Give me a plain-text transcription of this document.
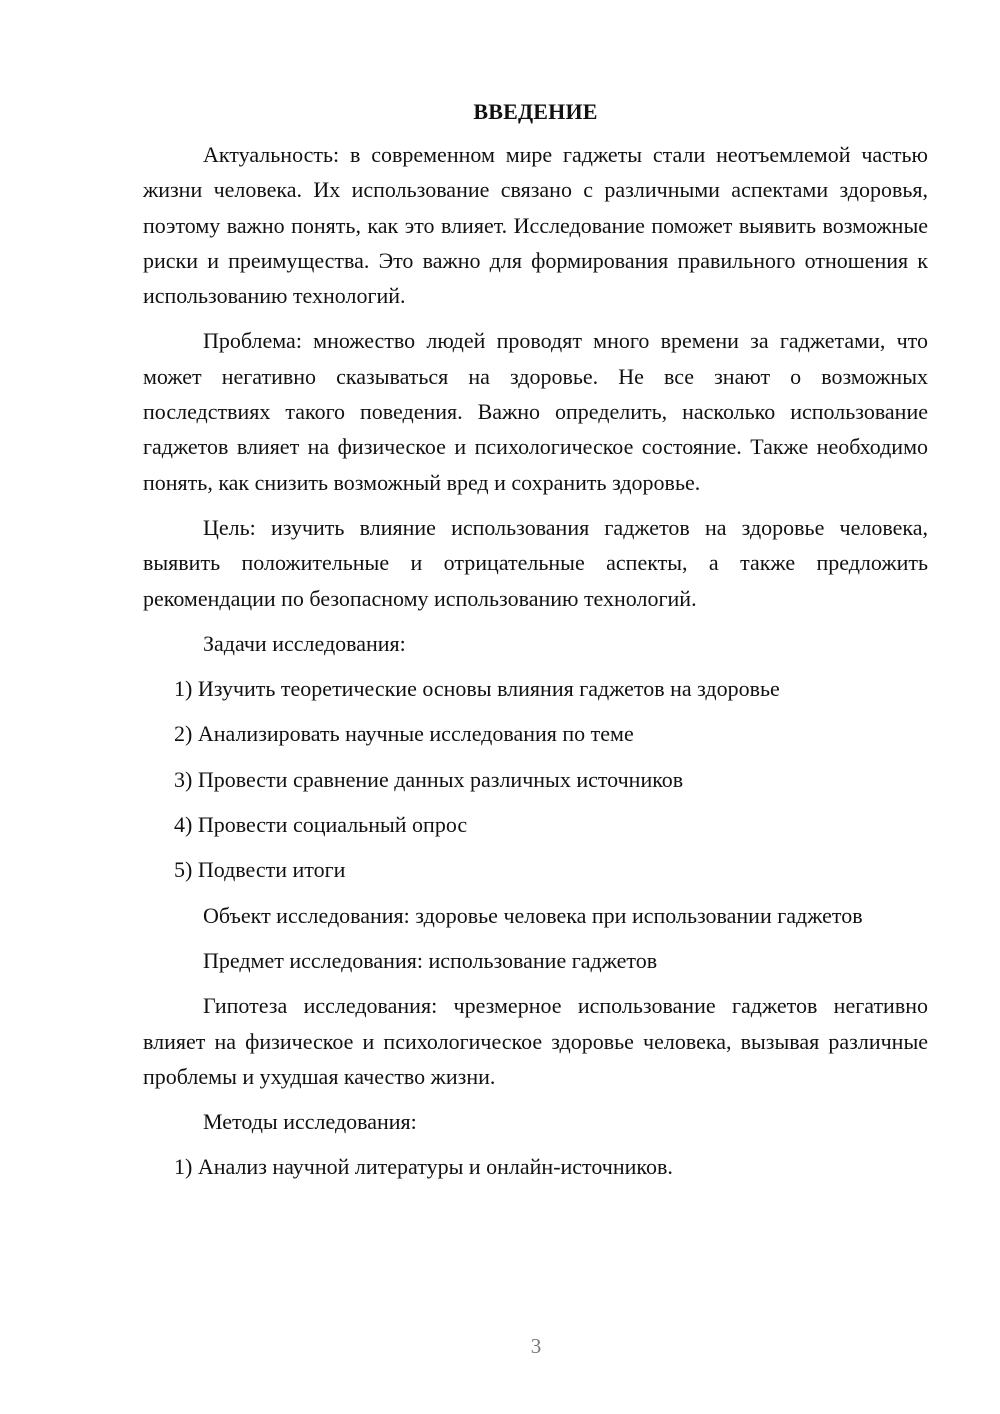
ВВЕДЕНИЕ

Актуальность: в современном мире гаджеты стали неотъемлемой частью жизни человека. Их использование связано с различными аспектами здоровья, поэтому важно понять, как это влияет. Исследование поможет выявить возможные риски и преимущества. Это важно для формирования правильного отношения к использованию технологий.

Проблема: множество людей проводят много времени за гаджетами, что может негативно сказываться на здоровье. Не все знают о возможных последствиях такого поведения. Важно определить, насколько использование гаджетов влияет на физическое и психологическое состояние. Также необходимо понять, как снизить возможный вред и сохранить здоровье.

Цель: изучить влияние использования гаджетов на здоровье человека, выявить положительные и отрицательные аспекты, а также предложить рекомендации по безопасному использованию технологий.

Задачи исследования:

1) Изучить теоретические основы влияния гаджетов на здоровье
2) Анализировать научные исследования по теме
3) Провести сравнение данных различных источников
4) Провести социальный опрос
5) Подвести итоги

Объект исследования: здоровье человека при использовании гаджетов

Предмет исследования: использование гаджетов

Гипотеза исследования: чрезмерное использование гаджетов негативно влияет на физическое и психологическое здоровье человека, вызывая различные проблемы и ухудшая качество жизни.

Методы исследования:

1) Анализ научной литературы и онлайн-источников.
3
